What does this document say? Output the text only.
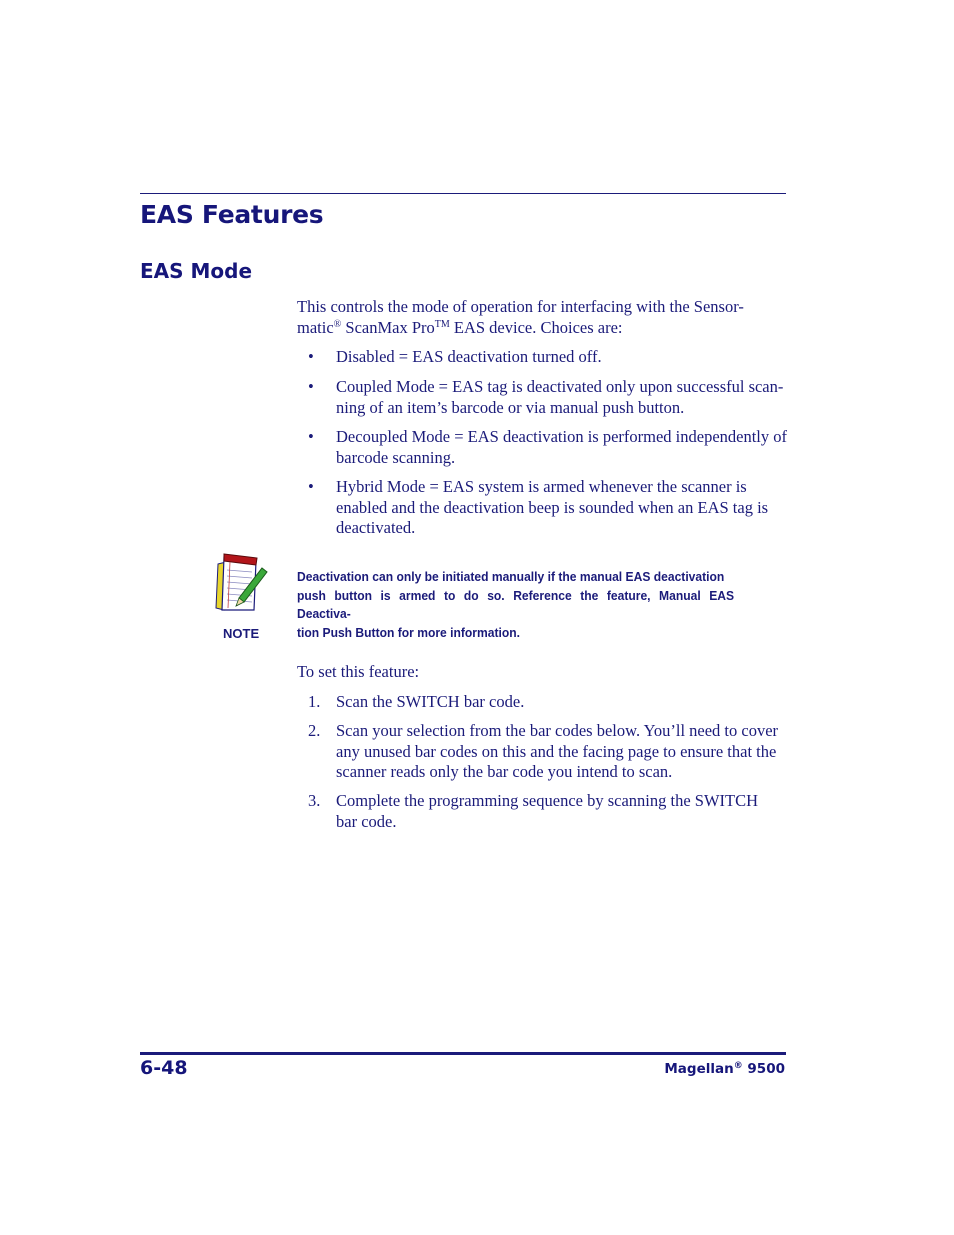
EAS Features
EAS Mode
This controls the mode of operation for interfacing with the Sensor-
matic® ScanMax Pro™ EAS device. Choices are:
• Disabled = EAS deactivation turned off.
• Coupled Mode = EAS tag is deactivated only upon successful scan-
ning of an item’s barcode or via manual push button.
• Decoupled Mode = EAS deactivation is performed independently of
barcode scanning.
• Hybrid Mode = EAS system is armed whenever the scanner is
enabled and the deactivation beep is sounded when an EAS tag is
deactivated.

NOTE

Deactivation can only be initiated manually if the manual EAS deactivation
push button is armed to do so. Reference the feature, Manual EAS Deactiva-
tion Push Button for more information.

To set this feature:

1. Scan the SWITCH bar code.
2. Scan your selection from the bar codes below. You’ll need to cover
any unused bar codes on this and the facing page to ensure that the
scanner reads only the bar code you intend to scan.
3. Complete the programming sequence by scanning the SWITCH
bar code.

6-48	Magellan® 9500
